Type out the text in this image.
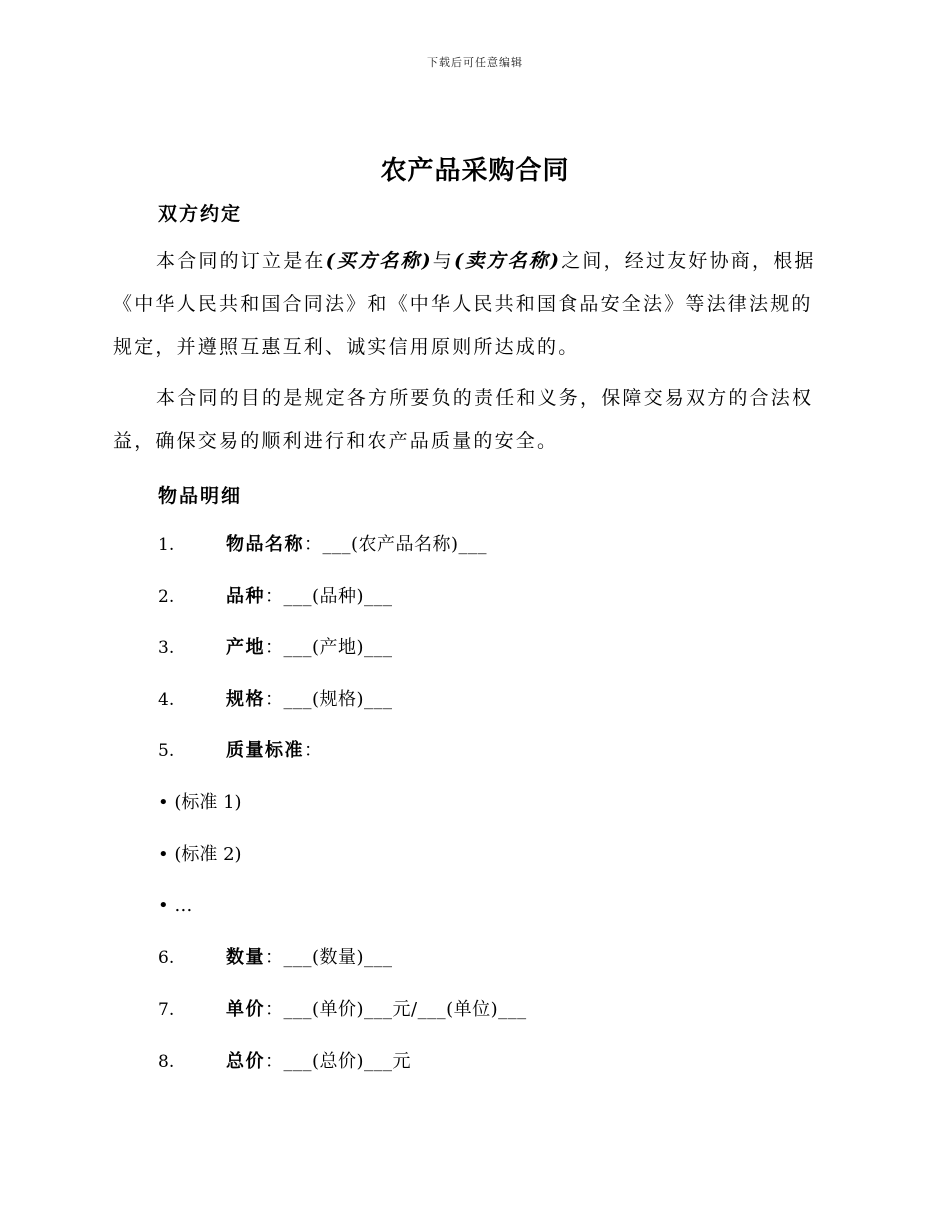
下载后可任意编辑
农产品采购合同
双方约定
本合同的订立是在(买方名称)与(卖方名称)之间，经过友好协商，根据《中华人民共和国合同法》和《中华人民共和国食品安全法》等法律法规的规定，并遵照互惠互利、诚实信用原则所达成的。
本合同的目的是规定各方所要负的责任和义务，保障交易双方的合法权益，确保交易的顺利进行和农产品质量的安全。
物品明细
1.	物品名称：___(农产品名称)___
2.	品种：___(品种)___
3.	产地：___(产地)___
4.	规格：___(规格)___
5.	质量标准：
• (标准 1)
• (标准 2)
• …
6.	数量：___(数量)___
7.	单价：___(单价)___元/___(单位)___
8.	总价：___(总价)___元
